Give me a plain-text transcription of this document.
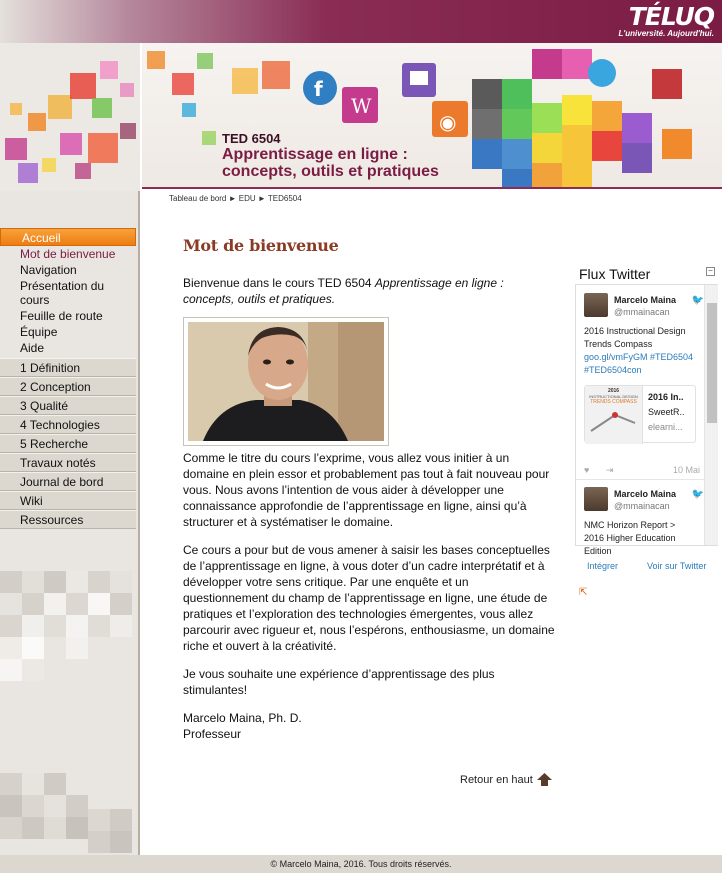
TÉLUQ
L'université. Aujourd'hui.
f
W
◉
TED 6504
Apprentissage en ligne :
concepts, outils et pratiques
Tableau de bord ► EDU ► TED6504
Accueil
Mot de bienvenue
Navigation
Présentation du cours
Feuille de route
Équipe
Aide
1 Définition
2 Conception
3 Qualité
4 Technologies
5 Recherche
Travaux notés
Journal de bord
Wiki
Ressources
Mot de bienvenue

Bienvenue dans le cours TED 6504 Apprentissage en ligne : concepts, outils et pratiques.

Comme le titre du cours l’exprime, vous allez vous initier à un domaine en plein essor et probablement pas tout à fait nouveau pour vous. Nous avons l’intention de vous aider à développer une connaissance approfondie de l’apprentissage en ligne, ainsi qu’à structurer et à systématiser le domaine.

Ce cours a pour but de vous amener à saisir les bases conceptuelles de l’apprentissage en ligne, à vous doter d’un cadre interprétatif et à développer votre sens critique. Par une enquête et un questionnement du champ de l’apprentissage en ligne, une étude de pratiques et l’exploration des technologies émergentes, vous allez parcourir avec rigueur et, nous l’espérons, enthousiasme, un domaine riche et ouvert à la créativité.

Je vous souhaite une expérience d’apprentissage des plus stimulantes!

Marcelo Maina, Ph. D.

Professeur

Retour en haut
Flux Twitter	−
Marcelo Maina
@mmainacan
🐦
2016 Instructional Design
Trends Compass
goo.gl/vmFyGM #TED6504
#TED6504con
2016
INSTRUCTIONAL DESIGN
TRENDS COMPASS	2016 In..
SweetR..
elearni...
♥ ⇥	10 Mai
Marcelo Maina
@mmainacan
🐦
NMC Horizon Report >
2016 Higher Education
Edition
Intégrer	Voir sur Twitter
⇱
© Marcelo Maina, 2016. Tous droits réservés.
